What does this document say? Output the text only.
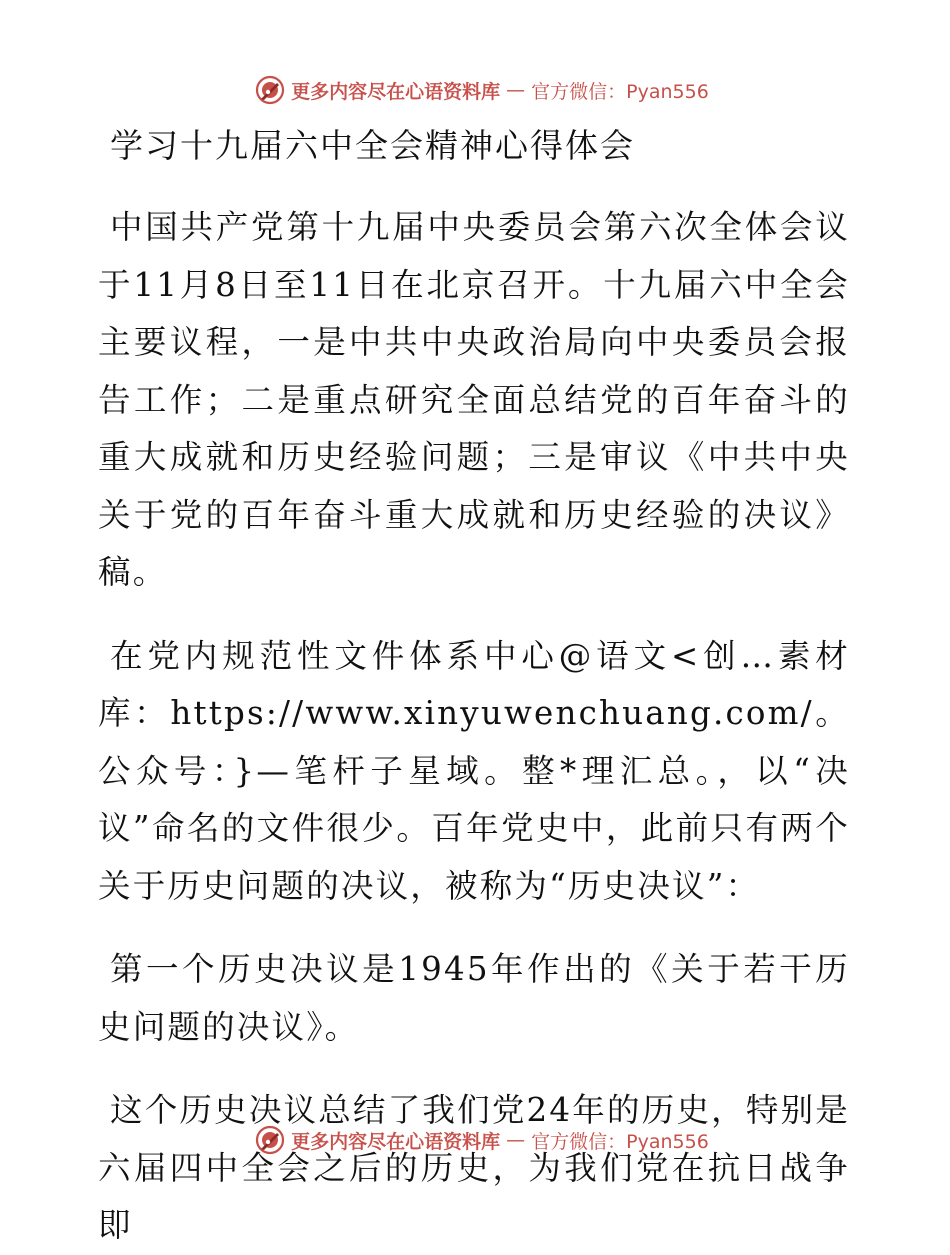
更多内容尽在心语资料库 — 官方微信：Pyan556
学习十九届六中全会精神心得体会

中国共产党第十九届中央委员会第六次全体会议于11月8日至11日在北京召开。十九届六中全会主要议程，一是中共中央政治局向中央委员会报告工作；二是重点研究全面总结党的百年奋斗的重大成就和历史经验问题；三是审议《中共中央关于党的百年奋斗重大成就和历史经验的决议》稿。

在党内规范性文件体系中心@语文<创…素材库：https://www.xinyuwenchuang.com/。公众号：}—笔杆子星域。整*理汇总。，以“决议”命名的文件很少。百年党史中，此前只有两个关于历史问题的决议，被称为“历史决议”：

第一个历史决议是1945年作出的《关于若干历史问题的决议》。

这个历史决议总结了我们党24年的历史，特别是六届四中全会之后的历史，为我们党在抗日战争即

更多内容尽在心语资料库 — 官方微信：Pyan556
